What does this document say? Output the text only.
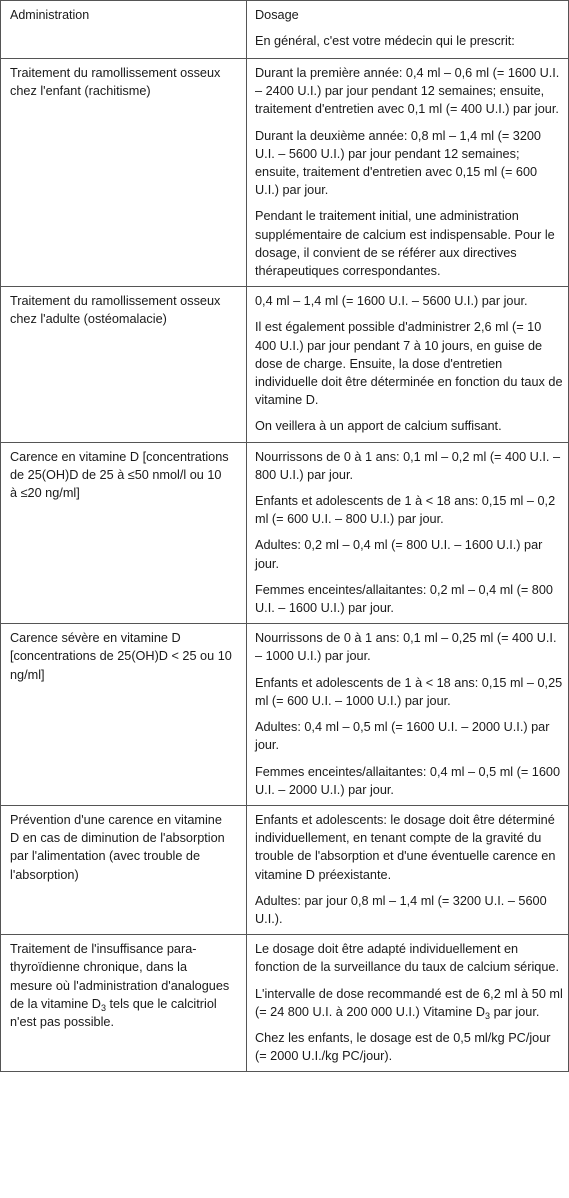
Administration	Dosage

En général, c'est votre médecin qui le prescrit:

Traitement du ramollissement osseux chez l'enfant (rachitisme)	Durant la première année: 0,4 ml – 0,6 ml (= 1600 U.I. – 2400 U.I.) par jour pendant 12 semaines; ensuite, traitement d'entretien avec 0,1 ml (= 400 U.I.) par jour.

Durant la deuxième année: 0,8 ml – 1,4 ml (= 3200 U.I. – 5600 U.I.) par jour pendant 12 semaines; ensuite, traitement d'entretien avec 0,15 ml (= 600 U.I.) par jour.

Pendant le traitement initial, une administration supplémentaire de calcium est indispensable. Pour le dosage, il convient de se référer aux directives thérapeutiques correspondantes.

Traitement du ramollissement osseux chez l'adulte (ostéomalacie)	0,4 ml – 1,4 ml (= 1600 U.I. – 5600 U.I.) par jour.

Il est également possible d'administrer 2,6 ml (= 10 400 U.I.) par jour pendant 7 à 10 jours, en guise de dose de charge. Ensuite, la dose d'entretien individuelle doit être déterminée en fonction du taux de vitamine D.

On veillera à un apport de calcium suffisant.

Carence en vitamine D [concentrations de 25(OH)D de 25 à ≤50 nmol/l ou 10 à ≤20 ng/ml]	Nourrissons de 0 à 1 ans: 0,1 ml – 0,2 ml (= 400 U.I. – 800 U.I.) par jour.

Enfants et adolescents de 1 à < 18 ans: 0,15 ml – 0,2 ml (= 600 U.I. – 800 U.I.) par jour.

Adultes: 0,2 ml – 0,4 ml (= 800 U.I. – 1600 U.I.) par jour.

Femmes enceintes/allaitantes: 0,2 ml – 0,4 ml (= 800 U.I. – 1600 U.I.) par jour.

Carence sévère en vitamine D [concentrations de 25(OH)D < 25 ou 10 ng/ml]	Nourrissons de 0 à 1 ans: 0,1 ml – 0,25 ml (= 400 U.I. – 1000 U.I.) par jour.

Enfants et adolescents de 1 à < 18 ans: 0,15 ml – 0,25 ml (= 600 U.I. – 1000 U.I.) par jour.

Adultes: 0,4 ml – 0,5 ml (= 1600 U.I. – 2000 U.I.) par jour.

Femmes enceintes/allaitantes: 0,4 ml – 0,5 ml (= 1600 U.I. – 2000 U.I.) par jour.

Prévention d'une carence en vitamine D en cas de diminution de l'absorption par l'alimentation (avec trouble de l'absorption)	Enfants et adolescents: le dosage doit être déterminé individuellement, en tenant compte de la gravité du trouble de l'absorption et d'une éventuelle carence en vitamine D préexistante.

Adultes: par jour 0,8 ml – 1,4 ml (= 3200 U.I. – 5600 U.I.).

Traitement de l'insuffisance parathyroïdienne chronique, dans la mesure où l'administration d'analogues de la vitamine $D_3$ tels que le calcitriol n'est pas possible.	Le dosage doit être adapté individuellement en fonction de la surveillance du taux de calcium sérique.

L'intervalle de dose recommandé est de 6,2 ml à 50 ml (= 24 800 U.I. à 200 000 U.I.) Vitamine $D_3$ par jour.

Chez les enfants, le dosage est de 0,5 ml/kg PC/jour (= 2000 U.I./kg PC/jour).
